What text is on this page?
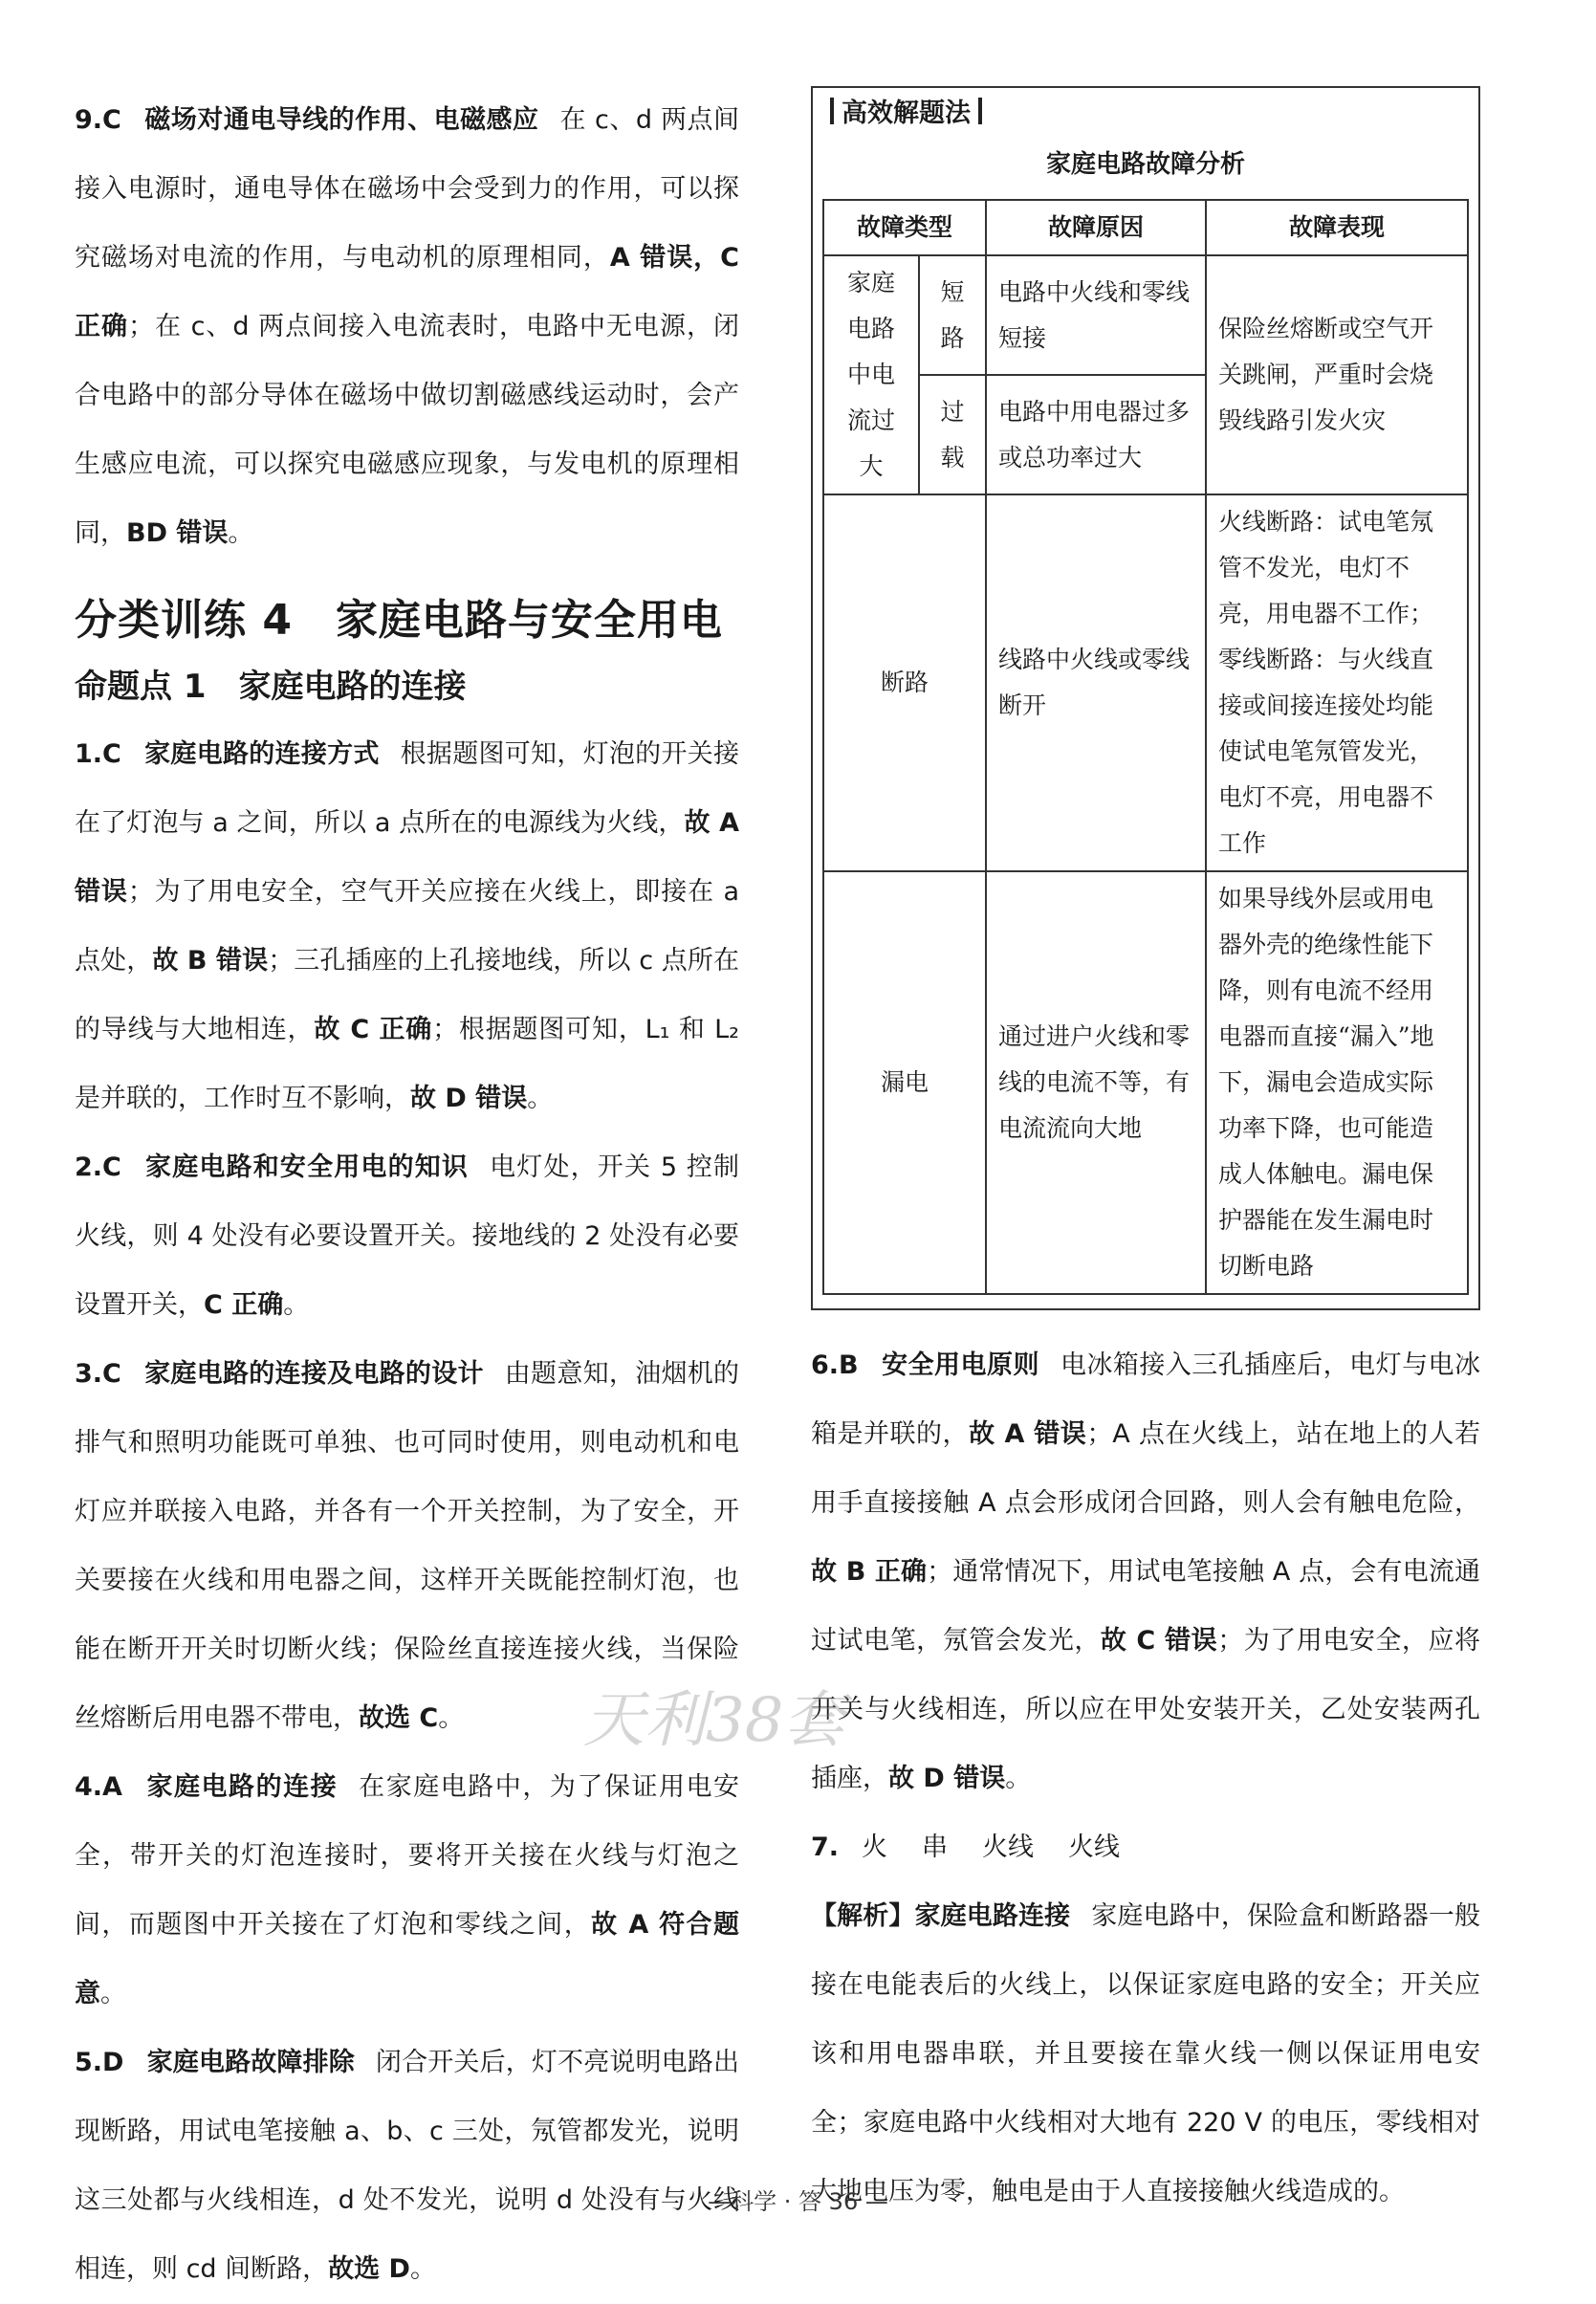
9.C 磁场对通电导线的作用、电磁感应 在 c、d 两点间接入电源时，通电导体在磁场中会受到力的作用，可以探究磁场对电流的作用，与电动机的原理相同，A 错误，C 正确；在 c、d 两点间接入电流表时，电路中无电源，闭合电路中的部分导体在磁场中做切割磁感线运动时，会产生感应电流，可以探究电磁感应现象，与发电机的原理相同，BD 错误。

分类训练 4　家庭电路与安全用电
命题点 1　家庭电路的连接

1.C 家庭电路的连接方式 根据题图可知，灯泡的开关接在了灯泡与 a 之间，所以 a 点所在的电源线为火线，故 A 错误；为了用电安全，空气开关应接在火线上，即接在 a 点处，故 B 错误；三孔插座的上孔接地线，所以 c 点所在的导线与大地相连，故 C 正确；根据题图可知，L₁ 和 L₂ 是并联的，工作时互不影响，故 D 错误。

2.C 家庭电路和安全用电的知识 电灯处，开关 5 控制火线，则 4 处没有必要设置开关。接地线的 2 处没有必要设置开关，C 正确。

3.C 家庭电路的连接及电路的设计 由题意知，油烟机的排气和照明功能既可单独、也可同时使用，则电动机和电灯应并联接入电路，并各有一个开关控制，为了安全，开关要接在火线和用电器之间，这样开关既能控制灯泡，也能在断开开关时切断火线；保险丝直接连接火线，当保险丝熔断后用电器不带电，故选 C。

4.A 家庭电路的连接 在家庭电路中，为了保证用电安全，带开关的灯泡连接时，要将开关接在火线与灯泡之间，而题图中开关接在了灯泡和零线之间，故 A 符合题意。

5.D 家庭电路故障排除 闭合开关后，灯不亮说明电路出现断路，用试电笔接触 a、b、c 三处，氖管都发光，说明这三处都与火线相连，d 处不发光，说明 d 处没有与火线相连，则 cd 间断路，故选 D。

高效解题法
家庭电路故障分析
故障类型		故障原因	故障表现
家庭电路中电流过大	短路	电路中火线和零线短接	保险丝熔断或空气开关跳闸，严重时会烧毁线路引发火灾
	过载	电路中用电器过多或总功率过大	
断路		线路中火线或零线断开	火线断路：试电笔氖管不发光，电灯不亮，用电器不工作；零线断路：与火线直接或间接连接处均能使试电笔氖管发光，电灯不亮，用电器不工作
漏电		通过进户火线和零线的电流不等，有电流流向大地	如果导线外层或用电器外壳的绝缘性能下降，则有电流不经用电器而直接“漏入”地下，漏电会造成实际功率下降，也可能造成人体触电。漏电保护器能在发生漏电时切断电路

6.B 安全用电原则 电冰箱接入三孔插座后，电灯与电冰箱是并联的，故 A 错误；A 点在火线上，站在地上的人若用手直接接触 A 点会形成闭合回路，则人会有触电危险，故 B 正确；通常情况下，用试电笔接触 A 点，会有电流通过试电笔，氖管会发光，故 C 错误；为了用电安全，应将开关与火线相连，所以应在甲处安装开关，乙处安装两孔插座，故 D 错误。

7. 火 串 火线 火线

【解析】家庭电路连接 家庭电路中，保险盒和断路器一般接在电能表后的火线上，以保证家庭电路的安全；开关应该和用电器串联，并且要接在靠火线一侧以保证用电安全；家庭电路中火线相对大地有 220 V 的电压，零线相对大地电压为零，触电是由于人直接接触火线造成的。

天利38套
—科学 · 答 36 —
